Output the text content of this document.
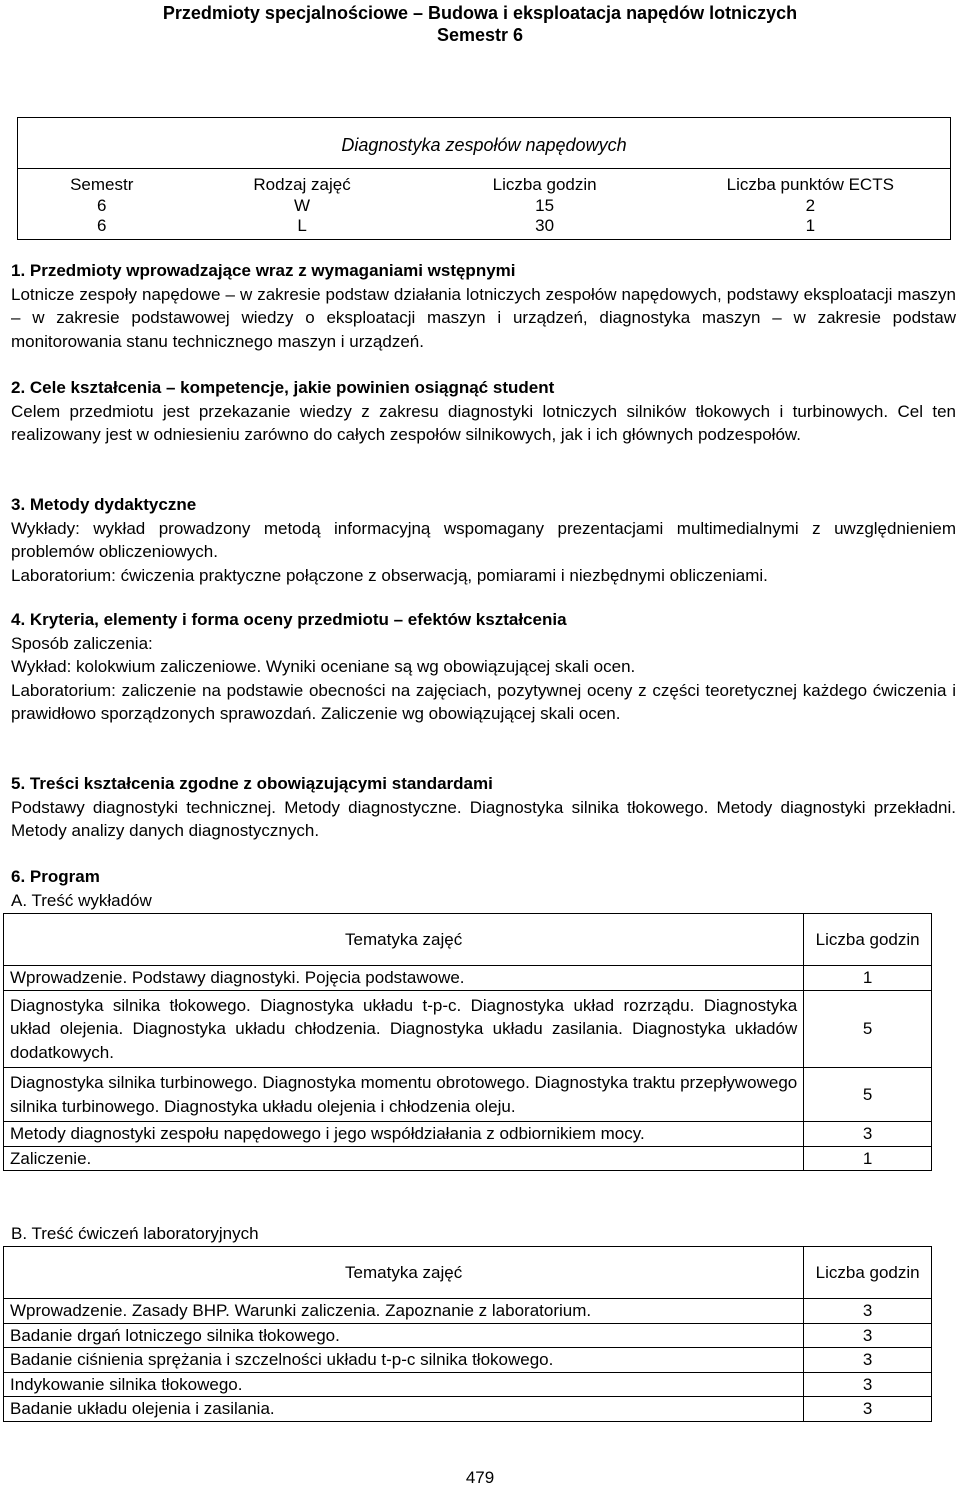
Przedmioty specjalnościowe – Budowa i eksploatacja napędów lotniczych
Semestr 6
Diagnostyka zespołów napędowych			
Semestr	Rodzaj zajęć	Liczba godzin	Liczba punktów ECTS
6	W	15	2
6	L	30	1
1. Przedmioty wprowadzające wraz z wymaganiami wstępnymi

Lotnicze zespoły napędowe – w zakresie podstaw działania lotniczych zespołów napędowych, podstawy eksploatacji maszyn – w zakresie podstawowej wiedzy o eksploatacji maszyn i urządzeń, diagnostyka maszyn – w zakresie podstaw monitorowania stanu technicznego maszyn i urządzeń.

2. Cele kształcenia – kompetencje, jakie powinien osiągnąć student

Celem przedmiotu jest przekazanie wiedzy z zakresu diagnostyki lotniczych silników tłokowych i turbinowych. Cel ten realizowany jest w odniesieniu zarówno do całych zespołów silnikowych, jak i ich głównych podzespołów.

3. Metody dydaktyczne

Wykłady: wykład prowadzony metodą informacyjną wspomagany prezentacjami multimedialnymi z uwzględnieniem problemów obliczeniowych.

Laboratorium: ćwiczenia praktyczne połączone z obserwacją, pomiarami i niezbędnymi obliczeniami.

4. Kryteria, elementy i forma oceny przedmiotu – efektów kształcenia

Sposób zaliczenia:

Wykład: kolokwium zaliczeniowe. Wyniki oceniane są wg obowiązującej skali ocen.

Laboratorium: zaliczenie na podstawie obecności na zajęciach, pozytywnej oceny z części teoretycznej każdego ćwiczenia i prawidłowo sporządzonych sprawozdań. Zaliczenie wg obowiązującej skali ocen.

5. Treści kształcenia zgodne z obowiązującymi standardami

Podstawy diagnostyki technicznej. Metody diagnostyczne. Diagnostyka silnika tłokowego. Metody diagnostyki przekładni. Metody analizy danych diagnostycznych.

6. Program

A. Treść wykładów

Tematyka zajęć	Liczba godzin
Wprowadzenie. Podstawy diagnostyki. Pojęcia podstawowe.	1
Diagnostyka silnika tłokowego. Diagnostyka układu t-p-c. Diagnostyka układ rozrządu. Diagnostyka układ olejenia. Diagnostyka układu chłodzenia. Diagnostyka układu zasilania. Diagnostyka układów dodatkowych.	5
Diagnostyka silnika turbinowego. Diagnostyka momentu obrotowego. Diagnostyka traktu przepływowego silnika turbinowego. Diagnostyka układu olejenia i chłodzenia oleju.	5
Metody diagnostyki zespołu napędowego i jego współdziałania z odbiornikiem mocy.	3
Zaliczenie.	1

B. Treść ćwiczeń laboratoryjnych

Tematyka zajęć	Liczba godzin
Wprowadzenie. Zasady BHP. Warunki zaliczenia. Zapoznanie z laboratorium.	3
Badanie drgań lotniczego silnika tłokowego.	3
Badanie ciśnienia sprężania i szczelności układu t-p-c silnika tłokowego.	3
Indykowanie silnika tłokowego.	3
Badanie układu olejenia i zasilania.	3
479
